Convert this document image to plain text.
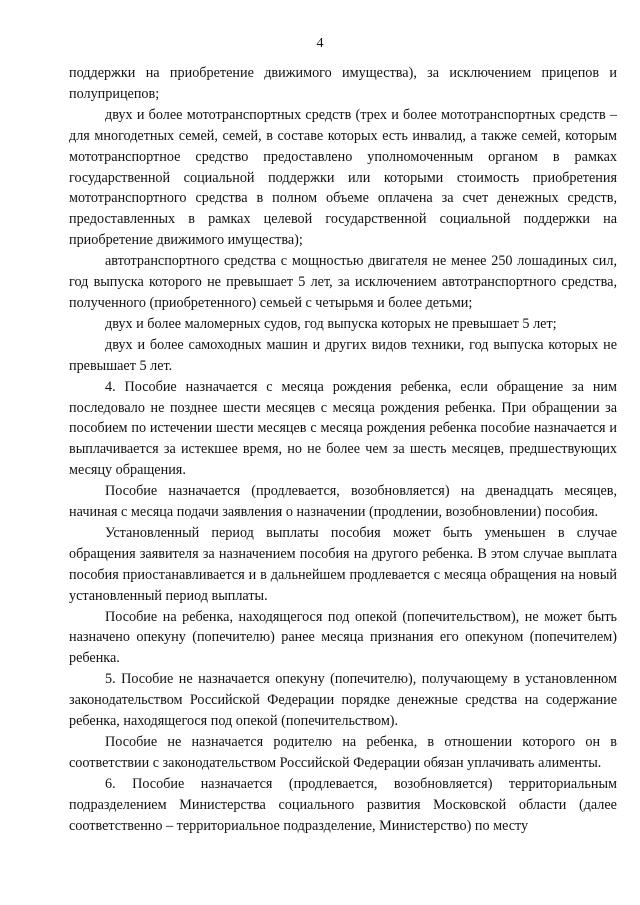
4

поддержки на приобретение движимого имущества), за исключением прицепов и полуприцепов;

двух и более мототранспортных средств (трех и более мототранспортных средств – для многодетных семей, семей, в составе которых есть инвалид, а также семей, которым мототранспортное средство предоставлено уполномоченным органом в рамках государственной социальной поддержки или которыми стоимость приобретения мототранспортного средства в полном объеме оплачена за счет денежных средств, предоставленных в рамках целевой государственной социальной поддержки на приобретение движимого имущества);

автотранспортного средства с мощностью двигателя не менее 250 лошадиных сил, год выпуска которого не превышает 5 лет, за исключением автотранспортного средства, полученного (приобретенного) семьей с четырьмя и более детьми;

двух и более маломерных судов, год выпуска которых не превышает 5 лет;

двух и более самоходных машин и других видов техники, год выпуска которых не превышает 5 лет.

4. Пособие назначается с месяца рождения ребенка, если обращение за ним последовало не позднее шести месяцев с месяца рождения ребенка. При обращении за пособием по истечении шести месяцев с месяца рождения ребенка пособие назначается и выплачивается за истекшее время, но не более чем за шесть месяцев, предшествующих месяцу обращения.

Пособие назначается (продлевается, возобновляется) на двенадцать месяцев, начиная с месяца подачи заявления о назначении (продлении, возобновлении) пособия.

Установленный период выплаты пособия может быть уменьшен в случае обращения заявителя за назначением пособия на другого ребенка. В этом случае выплата пособия приостанавливается и в дальнейшем продлевается с месяца обращения на новый установленный период выплаты.

Пособие на ребенка, находящегося под опекой (попечительством), не может быть назначено опекуну (попечителю) ранее месяца признания его опекуном (попечителем) ребенка.

5. Пособие не назначается опекуну (попечителю), получающему в установленном законодательством Российской Федерации порядке денежные средства на содержание ребенка, находящегося под опекой (попечительством).

Пособие не назначается родителю на ребенка, в отношении которого он в соответствии с законодательством Российской Федерации обязан уплачивать алименты.

6. Пособие назначается (продлевается, возобновляется) территориальным подразделением Министерства социального развития Московской области (далее соответственно – территориальное подразделение, Министерство) по месту
